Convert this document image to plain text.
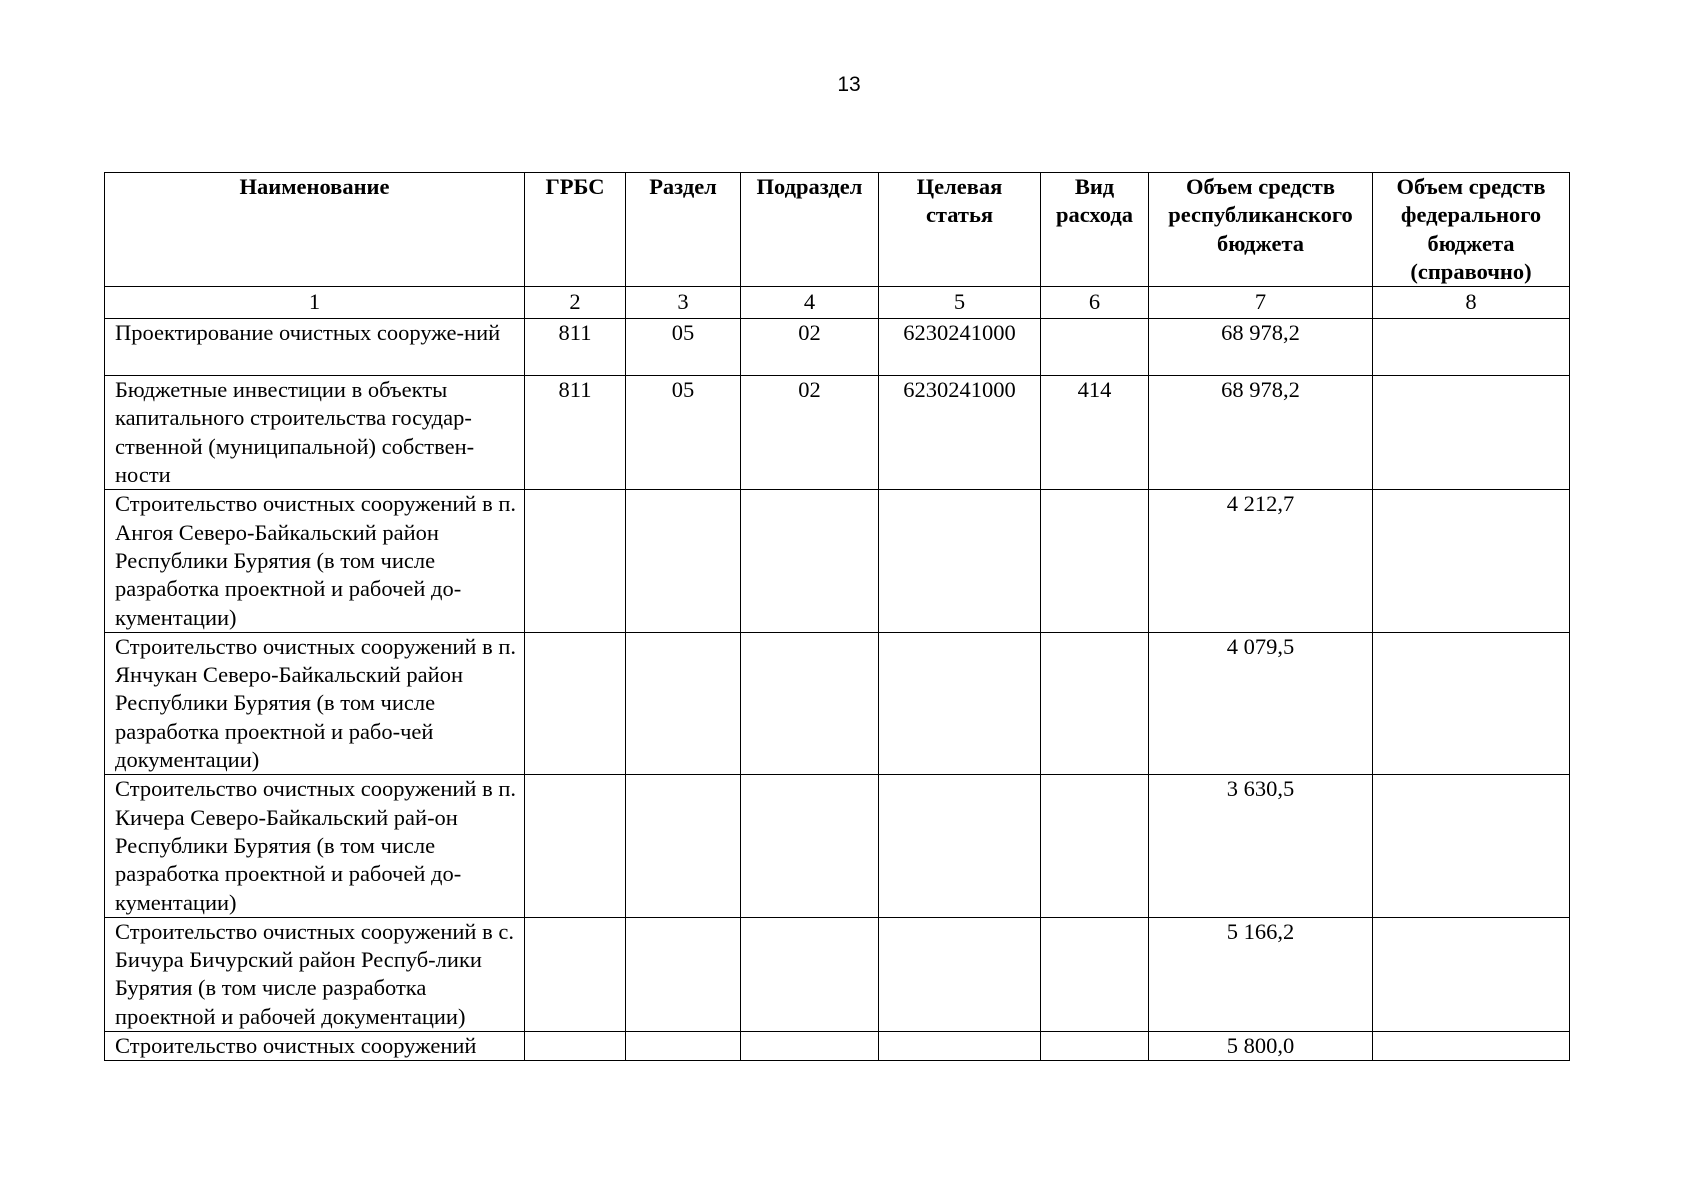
13
Наименование	ГРБС	Раздел	Подраздел	Целевая статья	Вид расхода	Объем средств республиканского бюджета	Объем средств федерального бюджета (справочно)
1	2	3	4	5	6	7	8
Проектирование очистных сооруже-ний	811	05	02	6230241000		68 978,2	
Бюджетные инвестиции в объекты капитального строительства государ-ственной (муниципальной) собствен-ности	811	05	02	6230241000	414	68 978,2	
Строительство очистных сооружений в п. Ангоя Северо-Байкальский район Республики Бурятия (в том числе разработка проектной и рабочей до-кументации)						4 212,7	
Строительство очистных сооружений в п. Янчукан Северо-Байкальский район Республики Бурятия (в том числе разработка проектной и рабо-чей документации)						4 079,5	
Строительство очистных сооружений в п. Кичера Северо-Байкальский рай-он Республики Бурятия (в том числе разработка проектной и рабочей до-кументации)						3 630,5	
Строительство очистных сооружений в с. Бичура Бичурский район Респуб-лики Бурятия (в том числе разработка проектной и рабочей документации)						5 166,2	
Строительство очистных сооружений						5 800,0	
